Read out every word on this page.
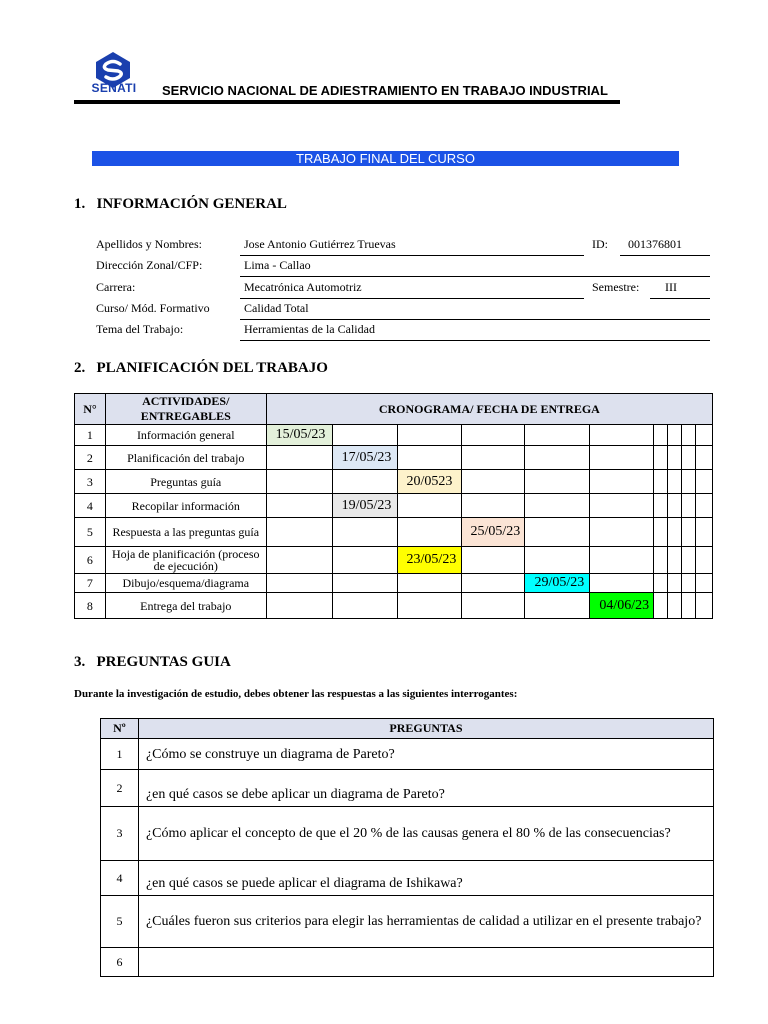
SENATI	SERVICIO NACIONAL DE ADIESTRAMIENTO EN TRABAJO INDUSTRIAL
TRABAJO FINAL DEL CURSO
1.   INFORMACIÓN GENERAL
Apellidos y Nombres:	Jose Antonio Gutiérrez Truevas	ID: 001376801
Dirección Zonal/CFP:	Lima - Callao
Carrera:	Mecatrónica Automotriz	Semestre: III
Curso/ Mód. Formativo	Calidad Total
Tema del Trabajo:	Herramientas de la Calidad
2.   PLANIFICACIÓN DEL TRABAJO
N°	ACTIVIDADES/ ENTREGABLES	CRONOGRAMA/ FECHA DE ENTREGA									
1	Información general	15/05/23									
2	Planificación del trabajo		17/05/23								
3	Preguntas guía			20/0523							
4	Recopilar información		19/05/23								
5	Respuesta a las preguntas guía				25/05/23						
6	Hoja de planificación (proceso de ejecución)			23/05/23							
7	Dibujo/esquema/diagrama					29/05/23					
8	Entrega del trabajo						04/06/23				
3.   PREGUNTAS GUIA
Durante la investigación de estudio, debes obtener las respuestas a las siguientes interrogantes:
Nº	PREGUNTAS
1	¿Cómo se construye un diagrama de Pareto?
2	¿en qué casos se debe aplicar un diagrama de Pareto?
3	¿Cómo aplicar el concepto de que el 20 % de las causas genera el 80 % de las consecuencias?
4	¿en qué casos se puede aplicar el diagrama de Ishikawa?
5	¿Cuáles fueron sus criterios para elegir las herramientas de calidad a utilizar en el presente trabajo?
6	
